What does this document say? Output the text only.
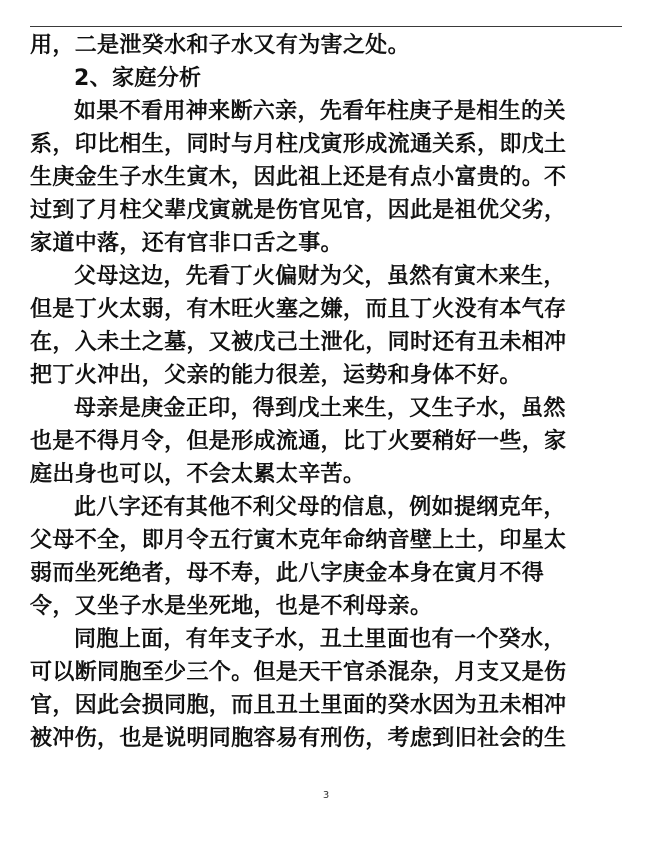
用，二是泄癸水和子水又有为害之处。
2、家庭分析
如果不看用神来断六亲，先看年柱庚子是相生的关
系，印比相生，同时与月柱戊寅形成流通关系，即戊土
生庚金生子水生寅木，因此祖上还是有点小富贵的。不
过到了月柱父辈戊寅就是伤官见官，因此是祖优父劣，
家道中落，还有官非口舌之事。
父母这边，先看丁火偏财为父，虽然有寅木来生，
但是丁火太弱，有木旺火塞之嫌，而且丁火没有本气存
在，入未土之墓，又被戊己土泄化，同时还有丑未相冲
把丁火冲出，父亲的能力很差，运势和身体不好。
母亲是庚金正印，得到戊土来生，又生子水，虽然
也是不得月令，但是形成流通，比丁火要稍好一些，家
庭出身也可以，不会太累太辛苦。
此八字还有其他不利父母的信息，例如提纲克年，
父母不全，即月令五行寅木克年命纳音壁上土，印星太
弱而坐死绝者，母不寿，此八字庚金本身在寅月不得
令，又坐子水是坐死地，也是不利母亲。
同胞上面，有年支子水，丑土里面也有一个癸水，
可以断同胞至少三个。但是天干官杀混杂，月支又是伤
官，因此会损同胞，而且丑土里面的癸水因为丑未相冲
被冲伤，也是说明同胞容易有刑伤，考虑到旧社会的生
3
